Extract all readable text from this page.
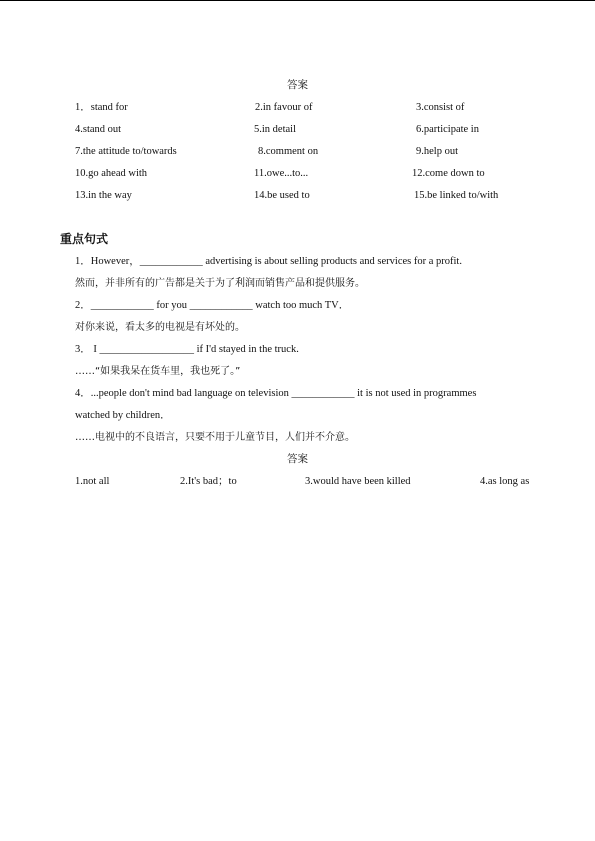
答案
1．stand for	2.in favour of	3.consist of
4.stand out	5.in detail	6.participate in
7.the attitude to/towards	8.comment on	9.help out
10.go ahead with	11.owe...to...	12.come down to
13.in the way	14.be used to	15.be linked to/with
重点句式
1．However，____________ advertising is about selling products and services for a profit.
然而，并非所有的广告都是关于为了利润而销售产品和提供服务。
2．____________ for you ____________ watch too much TV．
对你来说，看太多的电视是有坏处的。
3． I __________________ if I'd stayed in the truck.
……“如果我呆在货车里，我也死了。”
4．...people don't mind bad language on television ____________ it is not used in programmes
watched by children．
……电视中的不良语言，只要不用于儿童节目，人们并不介意。
答案
1.not all	2.It's bad；to	3.would have been killed	4.as long as
